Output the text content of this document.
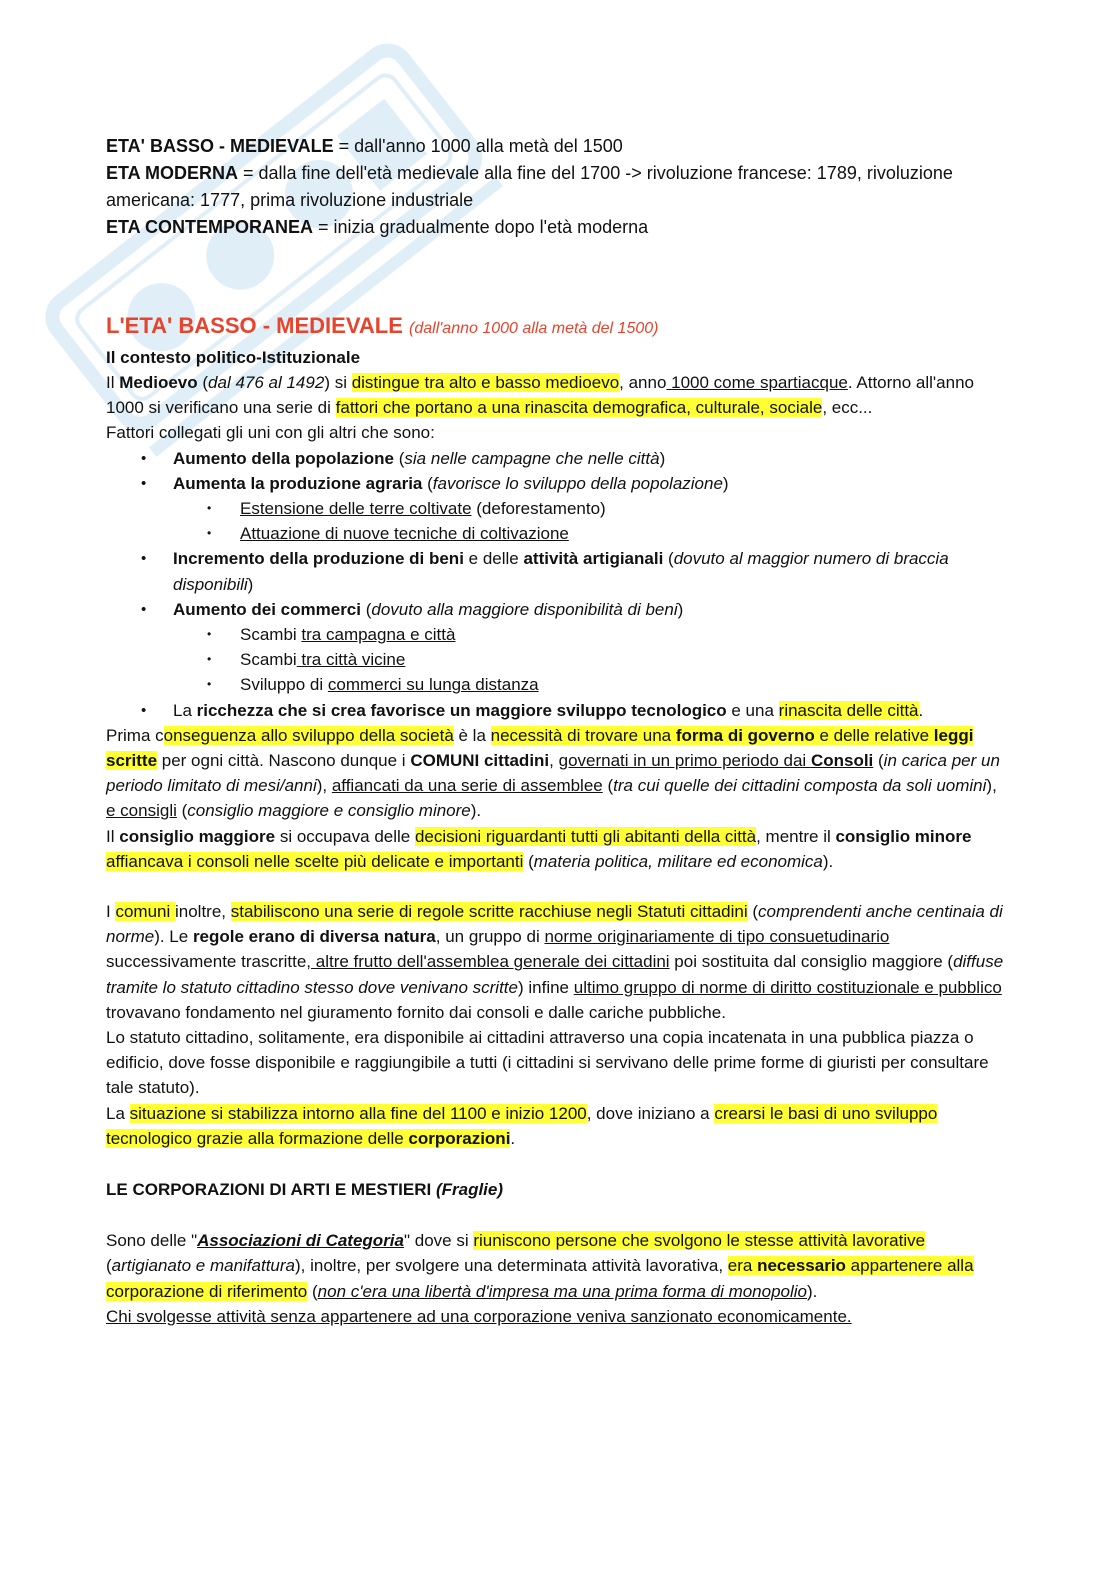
ETA' BASSO - MEDIEVALE = dall'anno 1000 alla metà del 1500

ETA MODERNA = dalla fine dell'età medievale alla fine del 1700 -> rivoluzione francese: 1789, rivoluzione americana: 1777, prima rivoluzione industriale

ETA CONTEMPORANEA = inizia gradualmente dopo l'età moderna

L'ETA' BASSO - MEDIEVALE (dall'anno 1000 alla metà del 1500)
Il contesto politico-Istituzionale

Il Medioevo (dal 476 al 1492) si distingue tra alto e basso medioevo, anno 1000 come spartiacque. Attorno all'anno 1000 si verificano una serie di fattori che portano a una rinascita demografica, culturale, sociale, ecc...

Fattori collegati gli uni con gli altri che sono:

• Aumento della popolazione (sia nelle campagne che nelle città)
• Aumenta la produzione agraria (favorisce lo sviluppo della popolazione)
• Estensione delle terre coltivate (deforestamento)
• Attuazione di nuove tecniche di coltivazione
• Incremento della produzione di beni e delle attività artigianali (dovuto al maggior numero di braccia disponibili)
• Aumento dei commerci (dovuto alla maggiore disponibilità di beni)
• Scambi tra campagna e città
• Scambi tra città vicine
• Sviluppo di commerci su lunga distanza
• La ricchezza che si crea favorisce un maggiore sviluppo tecnologico e una rinascita delle città.

Prima conseguenza allo sviluppo della società è la necessità di trovare una forma di governo e delle relative leggi scritte per ogni città. Nascono dunque i COMUNI cittadini, governati in un primo periodo dai Consoli (in carica per un periodo limitato di mesi/anni), affiancati da una serie di assemblee (tra cui quelle dei cittadini composta da soli uomini), e consigli (consiglio maggiore e consiglio minore).

Il consiglio maggiore si occupava delle decisioni riguardanti tutti gli abitanti della città, mentre il consiglio minore affiancava i consoli nelle scelte più delicate e importanti (materia politica, militare ed economica).

I comuni inoltre, stabiliscono una serie di regole scritte racchiuse negli Statuti cittadini (comprendenti anche centinaia di norme). Le regole erano di diversa natura, un gruppo di norme originariamente di tipo consuetudinario successivamente trascritte, altre frutto dell'assemblea generale dei cittadini poi sostituita dal consiglio maggiore (diffuse tramite lo statuto cittadino stesso dove venivano scritte) infine ultimo gruppo di norme di diritto costituzionale e pubblico trovavano fondamento nel giuramento fornito dai consoli e dalle cariche pubbliche.

Lo statuto cittadino, solitamente, era disponibile ai cittadini attraverso una copia incatenata in una pubblica piazza o edificio, dove fosse disponibile e raggiungibile a tutti (i cittadini si servivano delle prime forme di giuristi per consultare tale statuto).

La situazione si stabilizza intorno alla fine del 1100 e inizio 1200, dove iniziano a crearsi le basi di uno sviluppo tecnologico grazie alla formazione delle corporazioni.

LE CORPORAZIONI DI ARTI E MESTIERI (Fraglie)

Sono delle "Associazioni di Categoria" dove si riuniscono persone che svolgono le stesse attività lavorative (artigianato e manifattura), inoltre, per svolgere una determinata attività lavorativa, era necessario appartenere alla corporazione di riferimento (non c'era una libertà d'impresa ma una prima forma di monopolio).

Chi svolgesse attività senza appartenere ad una corporazione veniva sanzionato economicamente.
